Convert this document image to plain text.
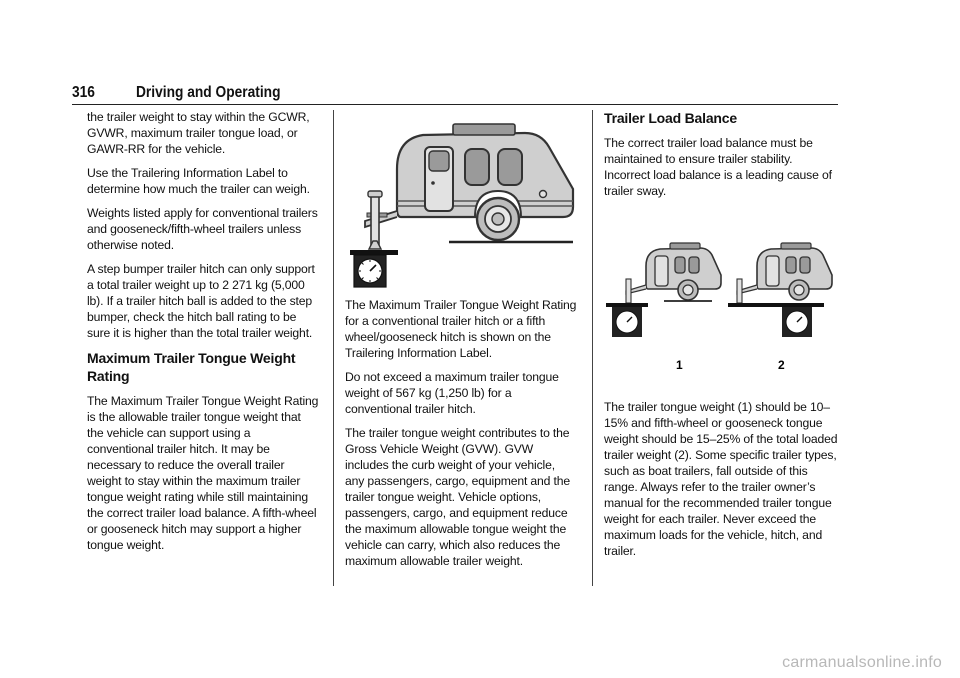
316	Driving and Operating

the trailer weight to stay within the GCWR, GVWR, maximum trailer tongue load, or GAWR-RR for the vehicle.

Use the Trailering Information Label to determine how much the trailer can weigh.

Weights listed apply for conventional trailers and gooseneck/fifth-wheel trailers unless otherwise noted.

A step bumper trailer hitch can only support a total trailer weight up to 2 271 kg (5,000 lb). If a trailer hitch ball is added to the step bumper, check the hitch ball rating to be sure it is higher than the total trailer weight.

Maximum Trailer Tongue Weight Rating

The Maximum Trailer Tongue Weight Rating is the allowable trailer tongue weight that the vehicle can support using a conventional trailer hitch. It may be necessary to reduce the overall trailer weight to stay within the maximum trailer tongue weight rating while still maintaining the correct trailer load balance. A fifth-wheel or gooseneck hitch may support a higher tongue weight.

The Maximum Trailer Tongue Weight Rating for a conventional trailer hitch or a fifth wheel/gooseneck hitch is shown on the Trailering Information Label.

Do not exceed a maximum trailer tongue weight of 567 kg (1,250 lb) for a conventional trailer hitch.

The trailer tongue weight contributes to the Gross Vehicle Weight (GVW). GVW includes the curb weight of your vehicle, any passengers, cargo, equipment and the trailer tongue weight. Vehicle options, passengers, cargo, and equipment reduce the maximum allowable tongue weight the vehicle can carry, which also reduces the maximum allowable trailer weight.

Trailer Load Balance

The correct trailer load balance must be maintained to ensure trailer stability. Incorrect load balance is a leading cause of trailer sway.

1	2

The trailer tongue weight (1) should be 10–15% and fifth-wheel or gooseneck tongue weight should be 15–25% of the total loaded trailer weight (2). Some specific trailer types, such as boat trailers, fall outside of this range. Always refer to the trailer owner’s manual for the recommended trailer tongue weight for each trailer. Never exceed the maximum loads for the vehicle, hitch, and trailer.

carmanualsonline.info
